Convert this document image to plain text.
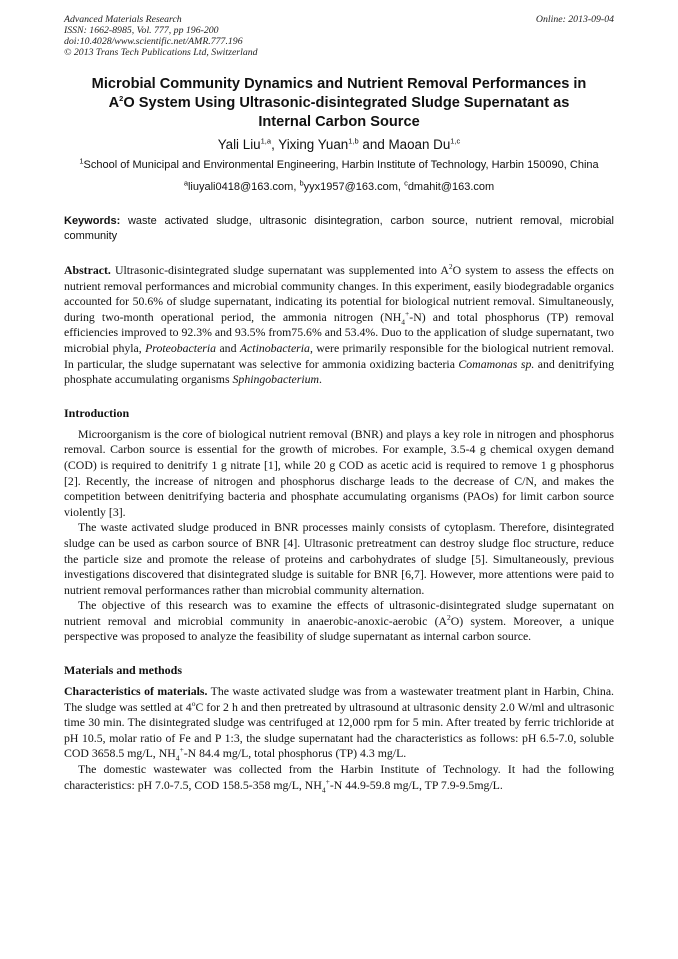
Advanced Materials Research
ISSN: 1662-8985, Vol. 777, pp 196-200
doi:10.4028/www.scientific.net/AMR.777.196
© 2013 Trans Tech Publications Ltd, Switzerland
Online: 2013-09-04
Microbial Community Dynamics and Nutrient Removal Performances in
$A^2O$ System Using Ultrasonic-disintegrated Sludge Supernatant as
Internal Carbon Source
Yali Liu$^{1,a}$, Yixing Yuan$^{1,b}$ and Maoan Du$^{1,c}$
$^1$School of Municipal and Environmental Engineering, Harbin Institute of Technology, Harbin 150090, China
$^a$liuyali0418@163.com, $^b$yyx1957@163.com, $^c$dmahit@163.com
Keywords: waste activated sludge, ultrasonic disintegration, carbon source, nutrient removal, microbial community
Abstract. Ultrasonic-disintegrated sludge supernatant was supplemented into $A^2O$ system to assess the effects on nutrient removal performances and microbial community changes. In this experiment, easily biodegradable organics accounted for 50.6% of sludge supernatant, indicating its potential for biological nutrient removal. Simultaneously, during two-month operational period, the ammonia nitrogen $(NH_4^+-N)$ and total phosphorus (TP) removal efficiencies improved to 92.3% and 93.5% from75.6% and 53.4%. Duo to the application of sludge supernatant, two microbial phyla, Proteobacteria and Actinobacteria, were primarily responsible for the biological nutrient removal. In particular, the sludge supernatant was selective for ammonia oxidizing bacteria Comamonas sp. and denitrifying phosphate accumulating organisms Sphingobacterium.
Introduction

Microorganism is the core of biological nutrient removal (BNR) and plays a key role in nitrogen and phosphorus removal. Carbon source is essential for the growth of microbes. For example, 3.5-4 g chemical oxygen demand (COD) is required to denitrify 1 g nitrate [1], while 20 g COD as acetic acid is required to remove 1 g phosphorus [2]. Recently, the increase of nitrogen and phosphorus discharge leads to the decrease of C/N, and makes the competition between denitrifying bacteria and phosphate accumulating organisms (PAOs) for limit carbon source violently [3].

The waste activated sludge produced in BNR processes mainly consists of cytoplasm. Therefore, disintegrated sludge can be used as carbon source of BNR [4]. Ultrasonic pretreatment can destroy sludge floc structure, reduce the particle size and promote the release of proteins and carbohydrates of sludge [5]. Simultaneously, previous investigations discovered that disintegrated sludge is suitable for BNR [6,7]. However, more attentions were paid to nutrient removal performances rather than microbial community alternation.

The objective of this research was to examine the effects of ultrasonic-disintegrated sludge supernatant on nutrient removal and microbial community in anaerobic-anoxic-aerobic $(A^2O)$ system. Moreover, a unique perspective was proposed to analyze the feasibility of sludge supernatant as internal carbon source.

Materials and methods

Characteristics of materials. The waste activated sludge was from a wastewater treatment plant in Harbin, China. The sludge was settled at 4$^o$C for 2 h and then pretreated by ultrasound at ultrasonic density 2.0 W/ml and ultrasonic time 30 min. The disintegrated sludge was centrifuged at 12,000 rpm for 5 min. After treated by ferric trichloride at pH 10.5, molar ratio of Fe and P 1:3, the sludge supernatant had the characteristics as follows: pH 6.5-7.0, soluble COD 3658.5 mg/L, $NH_4^+-N$ 84.4 mg/L, total phosphorus (TP) 4.3 mg/L.

The domestic wastewater was collected from the Harbin Institute of Technology. It had the following characteristics: pH 7.0-7.5, COD 158.5-358 mg/L, $NH_4^+-N$ 44.9-59.8 mg/L, TP 7.9-9.5mg/L.
